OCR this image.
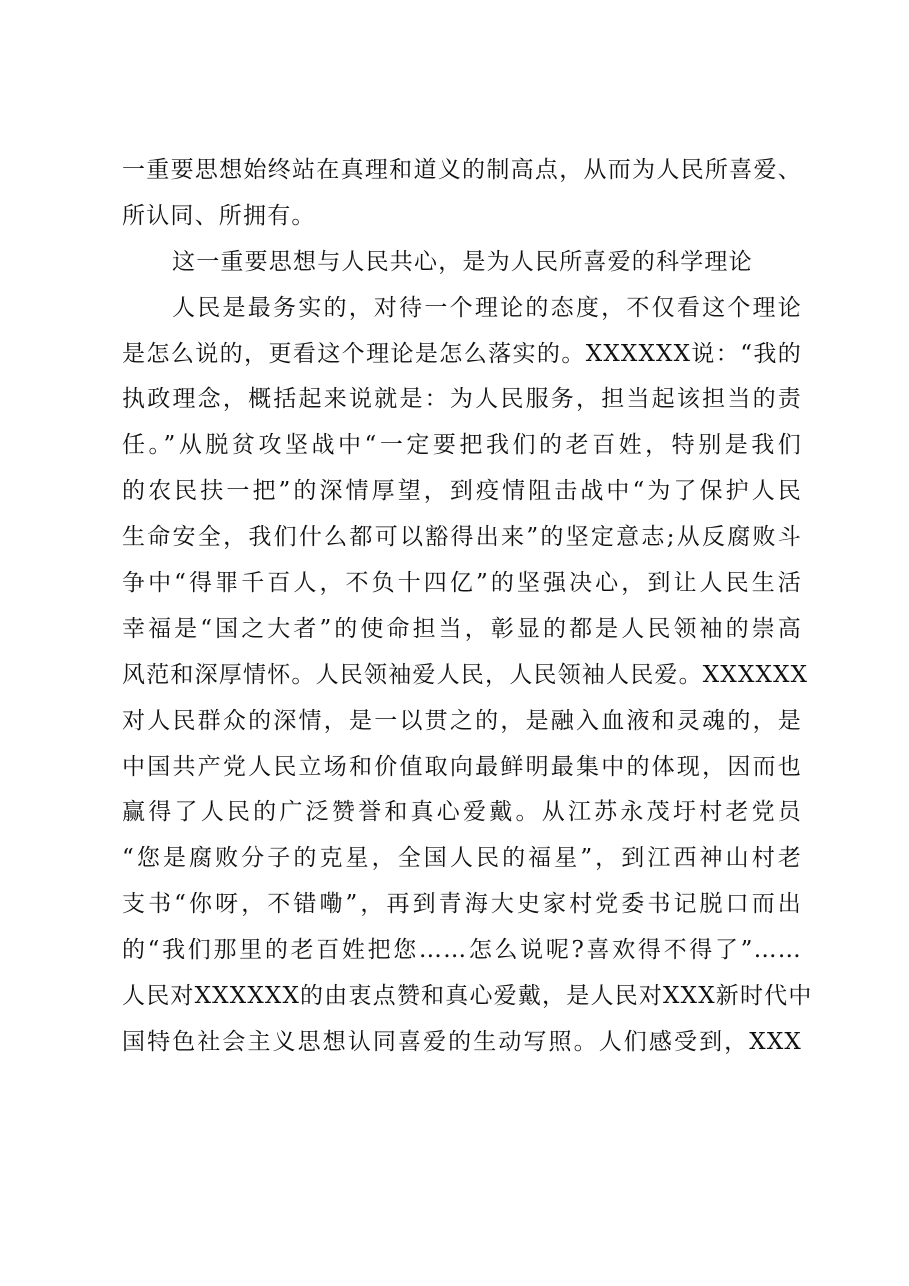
一重要思想始终站在真理和道义的制高点，从而为人民所喜爱、
所认同、所拥有。
这一重要思想与人民共心，是为人民所喜爱的科学理论
人民是最务实的，对待一个理论的态度，不仅看这个理论
是怎么说的，更看这个理论是怎么落实的。XXXXXX说：“我的
执政理念，概括起来说就是：为人民服务，担当起该担当的责
任。”从脱贫攻坚战中“一定要把我们的老百姓，特别是我们
的农民扶一把”的深情厚望，到疫情阻击战中“为了保护人民
生命安全，我们什么都可以豁得出来”的坚定意志;从反腐败斗
争中“得罪千百人，不负十四亿”的坚强决心，到让人民生活
幸福是“国之大者”的使命担当，彰显的都是人民领袖的崇高
风范和深厚情怀。人民领袖爱人民，人民领袖人民爱。XXXXXX
对人民群众的深情，是一以贯之的，是融入血液和灵魂的，是
中国共产党人民立场和价值取向最鲜明最集中的体现，因而也
赢得了人民的广泛赞誉和真心爱戴。从江苏永茂圩村老党员
“您是腐败分子的克星，全国人民的福星”，到江西神山村老
支书“你呀，不错嘞”，再到青海大史家村党委书记脱口而出
的“我们那里的老百姓把您……怎么说呢?喜欢得不得了”……
人民对XXXXXX的由衷点赞和真心爱戴，是人民对XXX新时代中
国特色社会主义思想认同喜爱的生动写照。人们感受到，XXX
